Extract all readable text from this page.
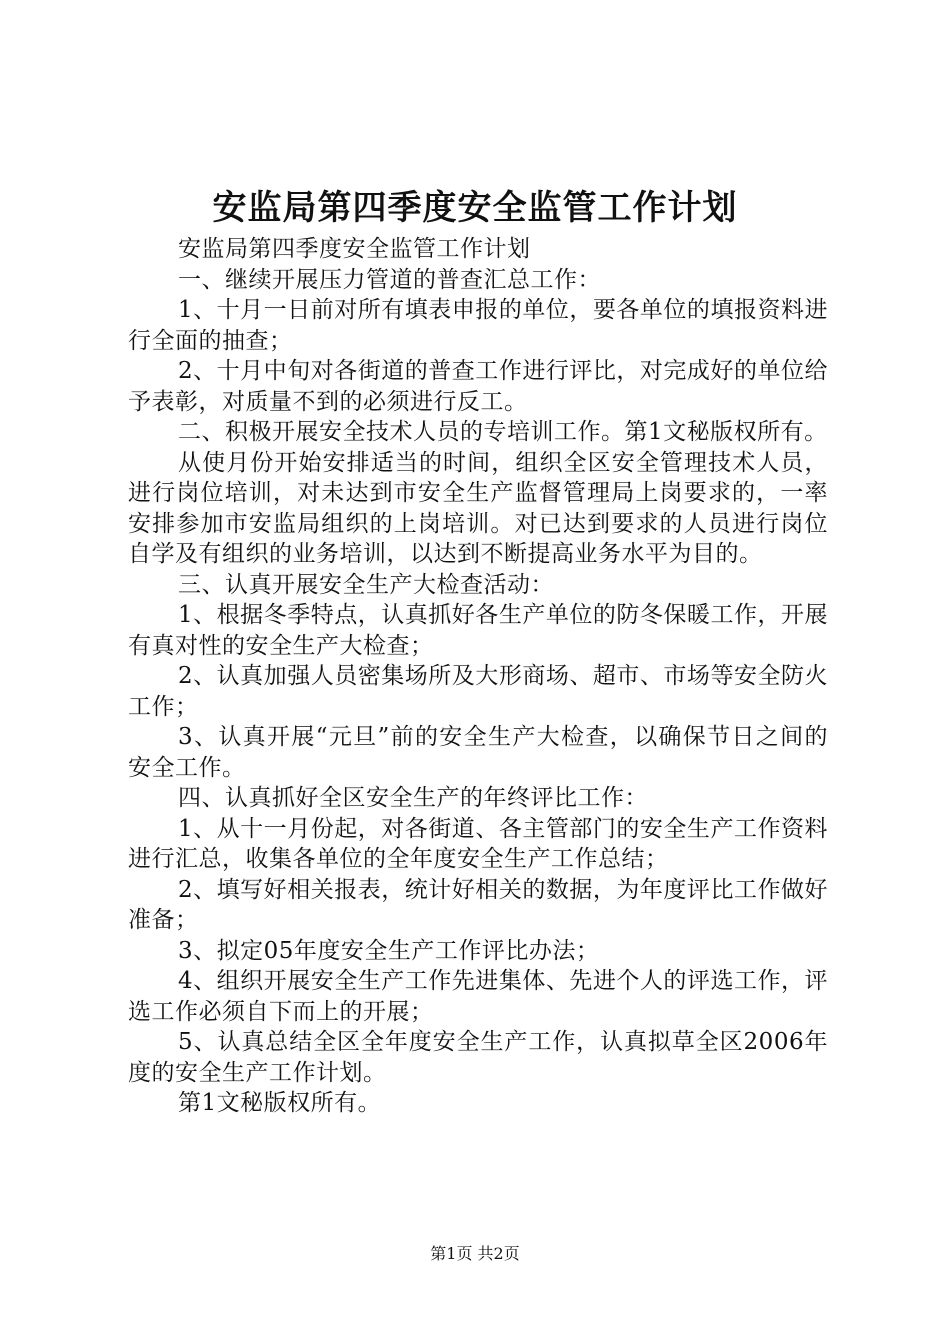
安监局第四季度安全监管工作计划

安监局第四季度安全监管工作计划

一、继续开展压力管道的普查汇总工作：

1、十月一日前对所有填表申报的单位，要各单位的填报资料进行全面的抽查；

2、十月中旬对各街道的普查工作进行评比，对完成好的单位给予表彰，对质量不到的必须进行反工。

二、积极开展安全技术人员的专培训工作。第1文秘版权所有。

从使月份开始安排适当的时间，组织全区安全管理技术人员，进行岗位培训，对未达到市安全生产监督管理局上岗要求的，一率安排参加市安监局组织的上岗培训。对已达到要求的人员进行岗位自学及有组织的业务培训，以达到不断提高业务水平为目的。

三、认真开展安全生产大检查活动：

1、根据冬季特点，认真抓好各生产单位的防冬保暖工作，开展有真对性的安全生产大检查；

2、认真加强人员密集场所及大形商场、超市、市场等安全防火工作；

3、认真开展“元旦”前的安全生产大检查，以确保节日之间的安全工作。

四、认真抓好全区安全生产的年终评比工作：

1、从十一月份起，对各街道、各主管部门的安全生产工作资料进行汇总，收集各单位的全年度安全生产工作总结；

2、填写好相关报表，统计好相关的数据，为年度评比工作做好准备；

3、拟定05年度安全生产工作评比办法；

4、组织开展安全生产工作先进集体、先进个人的评选工作，评选工作必须自下而上的开展；

5、认真总结全区全年度安全生产工作，认真拟草全区2006年度的安全生产工作计划。

第1文秘版权所有。

第1页 共2页
